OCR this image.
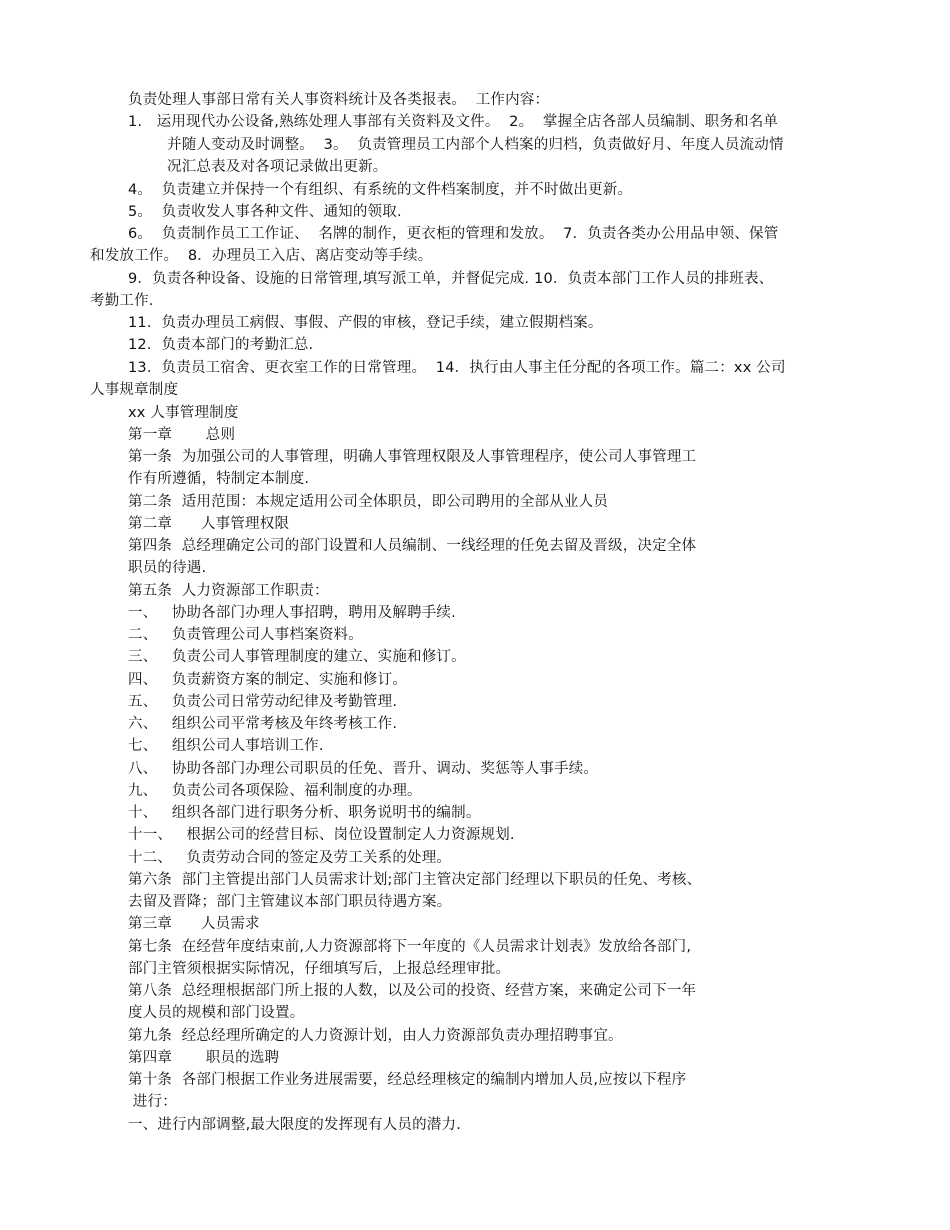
负责处理人事部日常有关人事资料统计及各类报表。  工作内容：
1.   运用现代办公设备,熟练处理人事部有关资料及文件。  2。  掌握全店各部人员编制、职务和名单
并随人变动及时调整。  3。  负责管理员工内部个人档案的归档，负责做好月、年度人员流动情
况汇总表及对各项记录做出更新。
4。  负责建立并保持一个有组织、有系统的文件档案制度，并不时做出更新。
5。  负责收发人事各种文件、通知的领取.
6。  负责制作员工工作证、  名牌的制作，更衣柜的管理和发放。  7．负责各类办公用品申领、保管
和发放工作。  8．办理员工入店、离店变动等手续。
9．负责各种设备、设施的日常管理,填写派工单，并督促完成. 10．负责本部门工作人员的排班表、
考勤工作.
11．负责办理员工病假、事假、产假的审核，登记手续，建立假期档案。
12．负责本部门的考勤汇总.
13．负责员工宿舍、更衣室工作的日常管理。  14．执行由人事主任分配的各项工作。篇二：xx 公司
人事规章制度
xx 人事管理制度
第一章       总则
第一条  为加强公司的人事管理，明确人事管理权限及人事管理程序，使公司人事管理工
作有所遵循，特制定本制度.
第二条  适用范围：本规定适用公司全体职员，即公司聘用的全部从业人员
第二章      人事管理权限
第四条  总经理确定公司的部门设置和人员编制、一线经理的任免去留及晋级，决定全体
职员的待遇.
第五条  人力资源部工作职责：
一、   协助各部门办理人事招聘，聘用及解聘手续.
二、   负责管理公司人事档案资料。
三、   负责公司人事管理制度的建立、实施和修订。
四、   负责薪资方案的制定、实施和修订。
五、   负责公司日常劳动纪律及考勤管理.
六、   组织公司平常考核及年终考核工作.
七、   组织公司人事培训工作.
八、   协助各部门办理公司职员的任免、晋升、调动、奖惩等人事手续。
九、   负责公司各项保险、福利制度的办理。
十、   组织各部门进行职务分析、职务说明书的编制。
十一、   根据公司的经营目标、岗位设置制定人力资源规划.
十二、   负责劳动合同的签定及劳工关系的处理。
第六条  部门主管提出部门人员需求计划;部门主管决定部门经理以下职员的任免、考核、
去留及晋降；部门主管建议本部门职员待遇方案。
第三章      人员需求
第七条  在经营年度结束前,人力资源部将下一年度的《人员需求计划表》发放给各部门,
部门主管须根据实际情况，仔细填写后，上报总经理审批。
第八条  总经理根据部门所上报的人数，以及公司的投资、经营方案，来确定公司下一年
度人员的规模和部门设置。
第九条  经总经理所确定的人力资源计划，由人力资源部负责办理招聘事宜。
第四章       职员的选聘
第十条  各部门根据工作业务进展需要，经总经理核定的编制内增加人员,应按以下程序
进行：
一、进行内部调整,最大限度的发挥现有人员的潜力.
